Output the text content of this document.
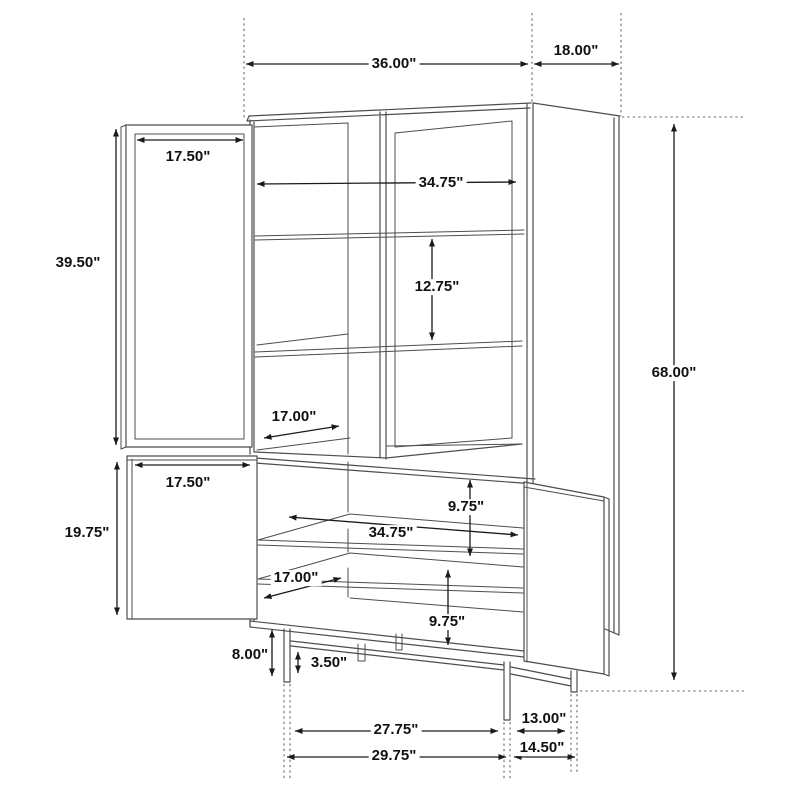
36.00"
18.00"
17.50"
39.50"
34.75"
12.75"
68.00"
17.00"
17.50"
19.75"
9.75"
34.75"
17.00"
9.75"
8.00"	3.50"
27.75"
13.00"
29.75"	14.50"
